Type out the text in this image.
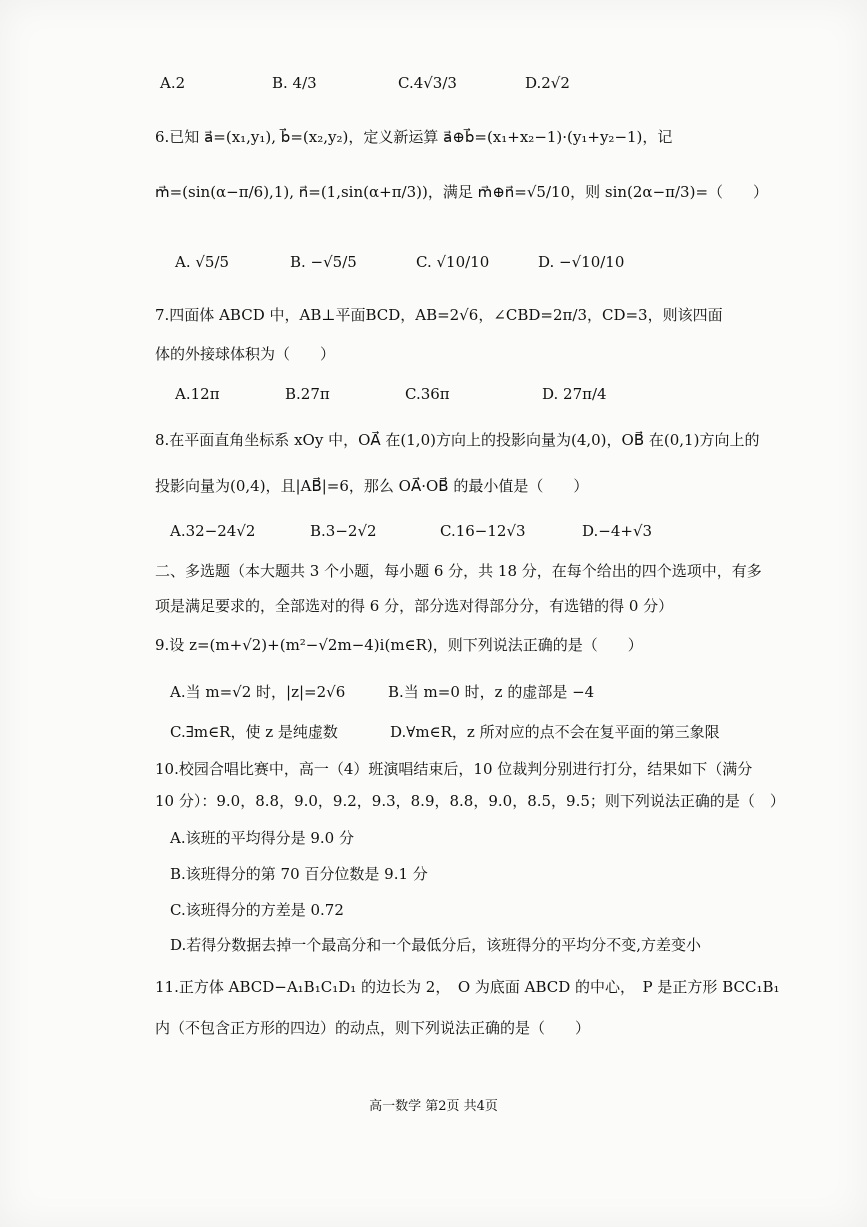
A.2	B. 4/3	C.4√3/3	D.2√2
6.已知 a⃗=(x₁,y₁), b⃗=(x₂,y₂)，定义新运算 a⃗⊕b⃗=(x₁+x₂−1)·(y₁+y₂−1)，记
m⃗=(sin(α−π/6),1), n⃗=(1,sin(α+π/3))，满足 m⃗⊕n⃗=√5/10，则 sin(2α−π/3)=（　　）
A. √5/5	B. −√5/5	C. √10/10	D. −√10/10
7.四面体 ABCD 中，AB⊥平面BCD，AB=2√6，∠CBD=2π/3，CD=3，则该四面
体的外接球体积为（　　）
A.12π	B.27π	C.36π	D. 27π/4
8.在平面直角坐标系 xOy 中，OA⃗ 在(1,0)方向上的投影向量为(4,0)，OB⃗ 在(0,1)方向上的
投影向量为(0,4)，且|AB⃗|=6，那么 OA⃗·OB⃗ 的最小值是（　　）
A.32−24√2	B.3−2√2	C.16−12√3	D.−4+√3
二、多选题（本大题共 3 个小题，每小题 6 分，共 18 分，在每个给出的四个选项中，有多
项是满足要求的，全部选对的得 6 分，部分选对得部分分，有选错的得 0 分）
9.设 z=(m+√2)+(m²−√2m−4)i(m∈R)，则下列说法正确的是（　　）
A.当 m=√2 时，|z|=2√6	B.当 m=0 时，z 的虚部是 −4
C.∃m∈R，使 z 是纯虚数	D.∀m∈R，z 所对应的点不会在复平面的第三象限
10.校园合唱比赛中，高一（4）班演唱结束后，10 位裁判分别进行打分，结果如下（满分
10 分）：9.0，8.8，9.0，9.2，9.3，8.9，8.8，9.0，8.5，9.5；则下列说法正确的是（　）
A.该班的平均得分是 9.0 分
B.该班得分的第 70 百分位数是 9.1 分
C.该班得分的方差是 0.72
D.若得分数据去掉一个最高分和一个最低分后，该班得分的平均分不变,方差变小
11.正方体 ABCD−A₁B₁C₁D₁ 的边长为 2，　O 为底面 ABCD 的中心，　P 是正方形 BCC₁B₁
内（不包含正方形的四边）的动点，则下列说法正确的是（　　）
高一数学 第2页 共4页
